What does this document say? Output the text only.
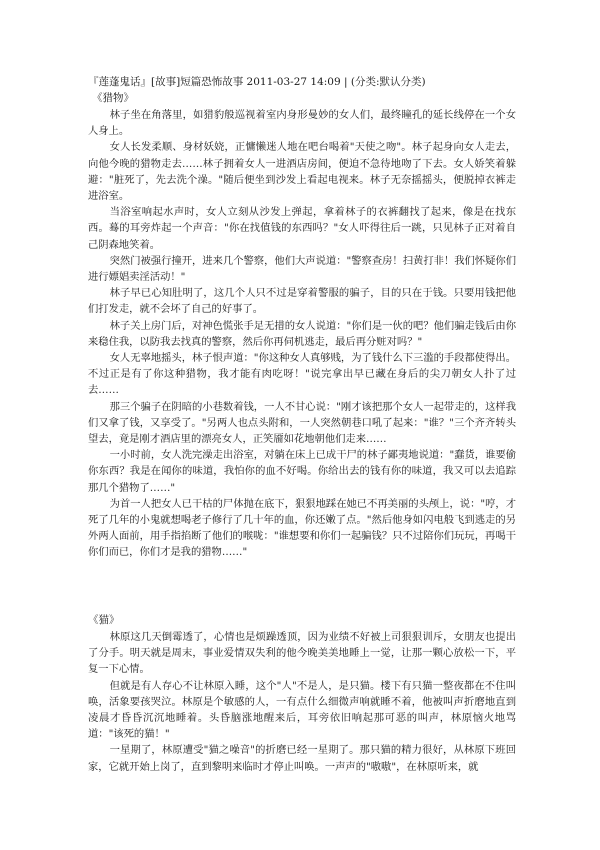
『莲蓬鬼话』[故事]短篇恐怖故事 2011-03-27 14:09 | (分类:默认分类)
《猎物》

林子坐在角落里，如猎豹般巡视着室内身形曼妙的女人们，最终瞳孔的延长线停在一个女人身上。

女人长发柔顺、身材妖娆，正慵懒迷人地在吧台喝着"天使之吻"。林子起身向女人走去，向他今晚的猎物走去……林子拥着女人一进酒店房间，便迫不急待地吻了下去。女人娇笑着躲避："脏死了，先去洗个澡。"随后便坐到沙发上看起电视来。林子无奈摇摇头，便脱掉衣裤走进浴室。

当浴室响起水声时，女人立刻从沙发上弹起，拿着林子的衣裤翻找了起来，像是在找东西。蓦的耳旁炸起一个声音："你在找值钱的东西吗？"女人吓得往后一跳，只见林子正对着自己阴森地笑着。

突然门被强行撞开，进来几个警察，他们大声说道："警察查房！扫黄打非！我们怀疑你们进行嫖娼卖淫活动！"

林子早已心知肚明了，这几个人只不过是穿着警服的骗子，目的只在于钱。只要用钱把他们打发走，就不会坏了自己的好事了。

林子关上房门后，对神色慌张手足无措的女人说道："你们是一伙的吧？他们骗走钱后由你来稳住我，以防我去找真的警察，然后你再伺机逃走，最后再分赃对吗？"

女人无辜地摇头，林子恨声道："你这种女人真够贱，为了钱什么下三滥的手段都使得出。不过正是有了你这种猎物，我才能有肉吃呀！"说完拿出早已藏在身后的尖刀朝女人扑了过去……

那三个骗子在阴暗的小巷数着钱，一人不甘心说："刚才该把那个女人一起带走的，这样我们又拿了钱，又享受了。"另两人也点头附和，一人突然朝巷口吼了起来："谁？"三个齐齐转头望去，竟是刚才酒店里的漂亮女人，正笑靥如花地朝他们走来……

一小时前，女人洗完澡走出浴室，对躺在床上已成干尸的林子鄙夷地说道："蠢货，谁要偷你东西？我是在闻你的味道，我怕你的血不好喝。你给出去的钱有你的味道，我又可以去追踪那几个猎物了……"

为首一人把女人已干枯的尸体抛在底下，狠狠地踩在她已不再美丽的头颅上，说："哼，才死了几年的小鬼就想喝老子修行了几十年的血，你还嫩了点。"然后他身如闪电般飞到逃走的另外两人面前，用手指掐断了他们的喉咙："谁想要和你们一起骗钱？只不过陪你们玩玩，再喝干你们而已，你们才是我的猎物……"

《猫》

林原这几天倒霉透了，心情也是烦躁透顶，因为业绩不好被上司狠狠训斥，女朋友也提出了分手。明天就是周末，事业爱情双失利的他今晚美美地睡上一觉，让那一颗心放松一下，平复一下心情。

但就是有人存心不让林原入睡，这个"人"不是人，是只猫。楼下有只猫一整夜都在不住叫唤，活象要孩哭泣。林原是个敏感的人，一有点什么细微声响就睡不着，他被叫声折磨地直到凌晨才昏昏沉沉地睡着。头昏脑涨地醒来后，耳旁依旧响起那可恶的叫声，林原恼火地骂道："该死的猫！"

一星期了，林原遭受"猫之噪音"的折磨已经一星期了。那只猫的精力很好，从林原下班回家，它就开始上岗了，直到黎明来临时才停止叫唤。一声声的"嗷嗷"，在林原听来，就
